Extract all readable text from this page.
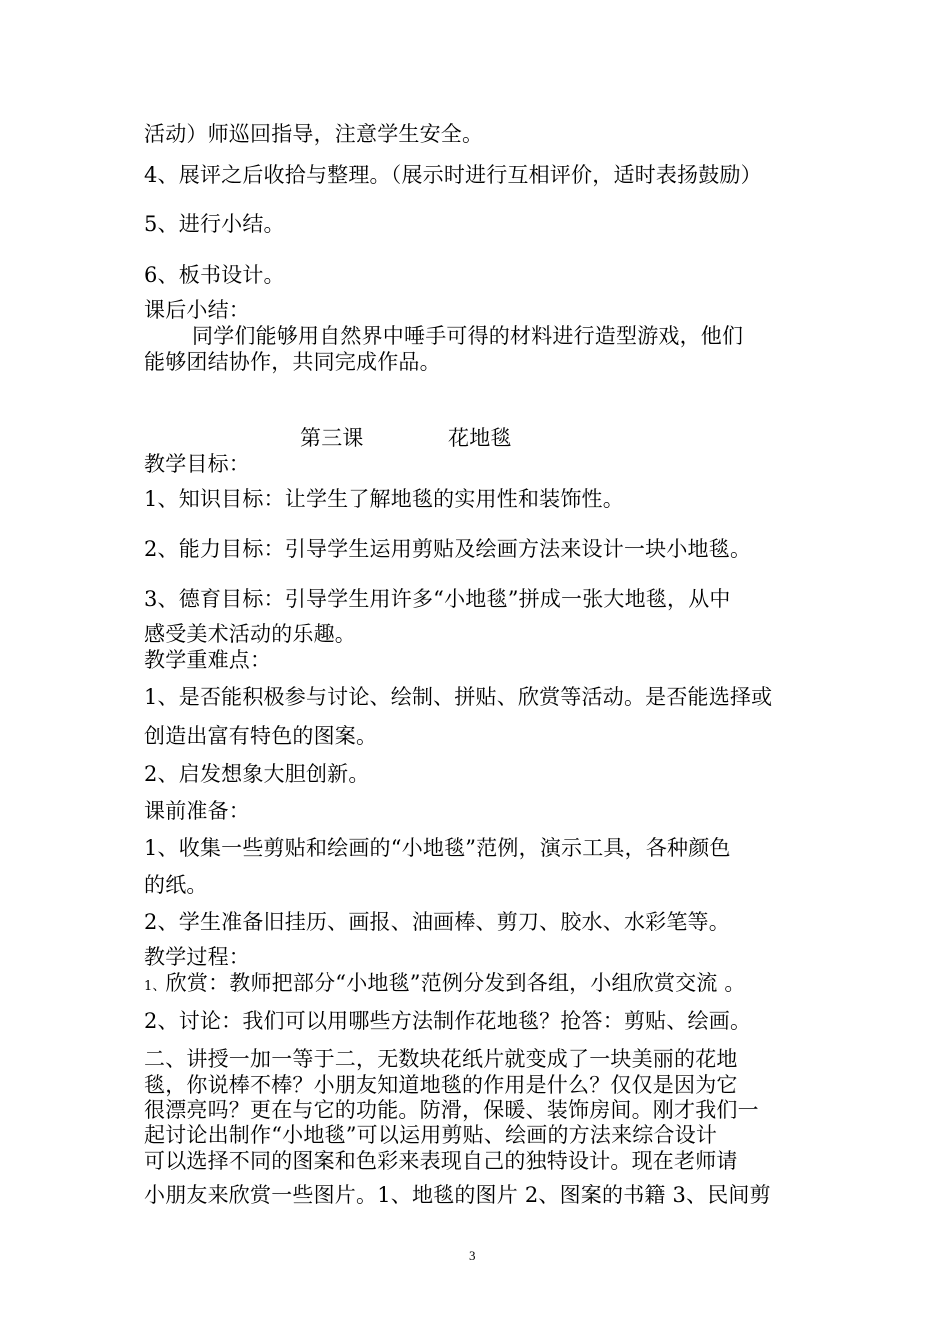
活动）师巡回指导，注意学生安全。
4、展评之后收拾与整理。（展示时进行互相评价，适时表扬鼓励）
5、进行小结。
6、板书设计。
课后小结：
同学们能够用自然界中唾手可得的材料进行造型游戏，他们
能够团结协作，共同完成作品。
第三课	花地毯
教学目标：
1、知识目标：让学生了解地毯的实用性和装饰性。
2、能力目标：引导学生运用剪贴及绘画方法来设计一块小地毯。
3、德育目标：引导学生用许多“小地毯”拼成一张大地毯，从中
感受美术活动的乐趣。
教学重难点：
1、是否能积极参与讨论、绘制、拼贴、欣赏等活动。是否能选择或
创造出富有特色的图案。
2、启发想象大胆创新。
课前准备：
1、收集一些剪贴和绘画的“小地毯”范例，演示工具，各种颜色
的纸。
2、学生准备旧挂历、画报、油画棒、剪刀、胶水、水彩笔等。
教学过程：
1、欣赏：教师把部分“小地毯”范例分发到各组，小组欣赏交流 。
2、讨论：我们可以用哪些方法制作花地毯？抢答：剪贴、绘画。
二、讲授一加一等于二，无数块花纸片就变成了一块美丽的花地
毯，你说棒不棒？小朋友知道地毯的作用是什么？仅仅是因为它
很漂亮吗？更在与它的功能。防滑，保暖、装饰房间。刚才我们一
起讨论出制作“小地毯”可以运用剪贴、绘画的方法来综合设计
可以选择不同的图案和色彩来表现自己的独特设计。现在老师请
小朋友来欣赏一些图片。1、地毯的图片 2、图案的书籍 3、民间剪
3
